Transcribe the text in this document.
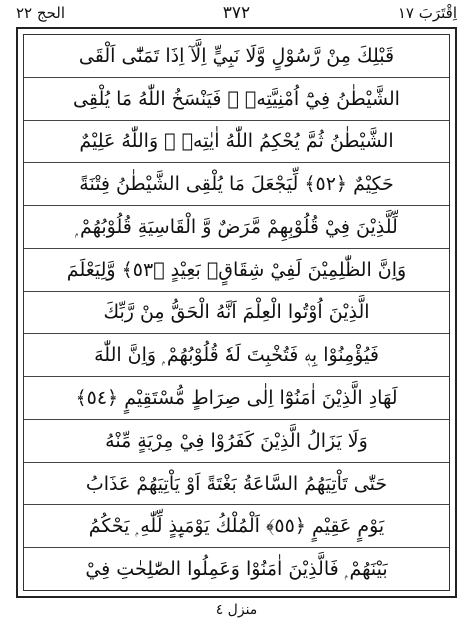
الحج ٢٢	٣٧٢	اِقْتَرَبَ ١٧
قَبْلِكَ مِنْ رَّسُوْلٍ وَّلَا نَبِيٍّ اِلَّآ اِذَا تَمَنّٰٓى اَلْقَى
الشَّيْطٰنُ فِيْٓ اُمْنِيَّتِهٖ ۚ فَيَنْسَخُ اللّٰهُ مَا يُلْقِى
الشَّيْطٰنُ ثُمَّ يُحْكِمُ اللّٰهُ اٰيٰتِهٖ ۭ وَاللّٰهُ عَلِيْمٌ
حَكِيْمٌ ﴿٥٢﴾ لِّيَجْعَلَ مَا يُلْقِى الشَّيْطٰنُ فِتْنَةً
لِّلَّذِيْنَ فِيْ قُلُوْبِهِمْ مَّرَضٌ وَّ الْقَاسِيَةِ قُلُوْبُهُمْ ۭ
وَاِنَّ الظّٰلِمِيْنَ لَفِيْ شِقَاقٍۢ بَعِيْدٍ ﴿٥٣﴾ وَّلِيَعْلَمَ
الَّذِيْنَ اُوْتُوا الْعِلْمَ اَنَّهُ الْحَقُّ مِنْ رَّبِّكَ
فَيُؤْمِنُوْا بِهٖ فَتُخْبِتَ لَهٗ قُلُوْبُهُمْ ۭ وَاِنَّ اللّٰهَ
لَهَادِ الَّذِيْنَ اٰمَنُوْٓا اِلٰى صِرَاطٍ مُّسْتَقِيْمٍ ﴿٥٤﴾
وَلَا يَزَالُ الَّذِيْنَ كَفَرُوْا فِيْ مِرْيَةٍ مِّنْهُ
حَتّٰى تَاْتِيَهُمُ السَّاعَةُ بَغْتَةً اَوْ يَاْتِيَهُمْ عَذَابُ
يَوْمٍ عَقِيْمٍ ﴿٥٥﴾ اَلْمُلْكُ يَوْمَىِٕذٍ لِّلّٰهِ ۭ يَحْكُمُ
بَيْنَهُمْ ۭ فَالَّذِيْنَ اٰمَنُوْا وَعَمِلُوا الصّٰلِحٰتِ فِيْ
منزل ٤
